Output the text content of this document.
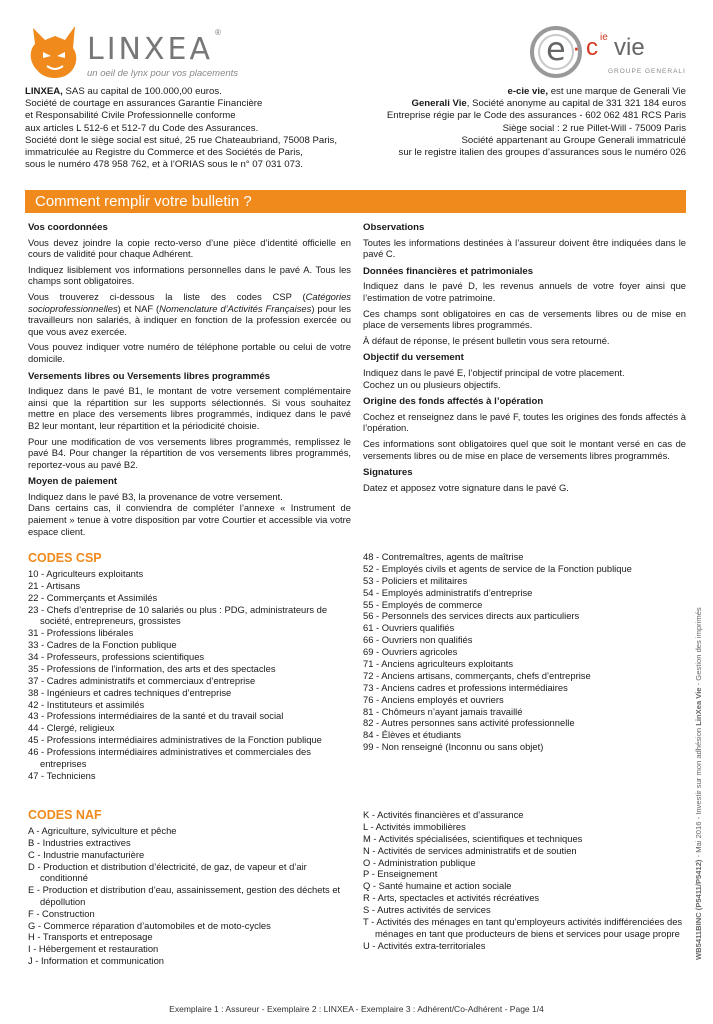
LINXEA ®
un oeil de lynx pour vos placements
e · c ie vie
GROUPE GENERALI

LINXEA, SAS au capital de 100.000,00 euros.

Société de courtage en assurances Garantie Financière

et Responsabilité Civile Professionnelle conforme

aux articles L 512-6 et 512-7 du Code des Assurances.

Société dont le siège social est situé, 25 rue Chateaubriand, 75008 Paris,

immatriculée au Registre du Commerce et des Sociétés de Paris,

sous le numéro 478 958 762, et à l’ORIAS sous le n° 07 031 073.

e-cie vie, est une marque de Generali Vie

Generali Vie, Société anonyme au capital de 331 321 184 euros

Entreprise régie par le Code des assurances - 602 062 481 RCS Paris

Siège social : 2 rue Pillet-Will - 75009 Paris

Société appartenant au Groupe Generali immatriculé

sur le registre italien des groupes d’assurances sous le numéro 026

Comment remplir votre bulletin ?
Vos coordonnées

Vous devez joindre la copie recto-verso d’une pièce d’identité officielle en cours de validité pour chaque Adhérent.

Indiquez lisiblement vos informations personnelles dans le pavé A. Tous les champs sont obligatoires.

Vous trouverez ci-dessous la liste des codes CSP (Catégories socioprofessionnelles) et NAF (Nomenclature d’Activités Françaises) pour les travailleurs non salariés, à indiquer en fonction de la profession exercée ou que vous avez exercée.

Vous pouvez indiquer votre numéro de téléphone portable ou celui de votre domicile.

Versements libres ou Versements libres programmés

Indiquez dans le pavé B1, le montant de votre versement complémentaire ainsi que la répartition sur les supports sélectionnés. Si vous souhaitez mettre en place des versements libres programmés, indiquez dans le pavé B2 leur montant, leur répartition et la périodicité choisie.

Pour une modification de vos versements libres programmés, remplissez le pavé B4. Pour changer la répartition de vos versements libres programmés, reportez-vous au pavé B2.

Moyen de paiement

Indiquez dans le pavé B3, la provenance de votre versement.

Dans certains cas, il conviendra de compléter l’annexe « Instrument de paiement » tenue à votre disposition par votre Courtier et accessible via votre espace client.

Observations

Toutes les informations destinées à l’assureur doivent être indiquées dans le pavé C.

Données financières et patrimoniales

Indiquez dans le pavé D, les revenus annuels de votre foyer ainsi que l’estimation de votre patrimoine.

Ces champs sont obligatoires en cas de versements libres ou de mise en place de versements libres programmés.

À défaut de réponse, le présent bulletin vous sera retourné.

Objectif du versement

Indiquez dans le pavé E, l’objectif principal de votre placement.

Cochez un ou plusieurs objectifs.

Origine des fonds affectés à l’opération

Cochez et renseignez dans le pavé F, toutes les origines des fonds affectés à l’opération.

Ces informations sont obligatoires quel que soit le montant versé en cas de versements libres ou de mise en place de versements libres programmés.

Signatures

Datez et apposez votre signature dans le pavé G.

CODES CSP

10 - Agriculteurs exploitants

21 - Artisans

22 - Commerçants et Assimilés

23 - Chefs d’entreprise de 10 salariés ou plus : PDG, administrateurs de société, entrepreneurs, grossistes

31 - Professions libérales

33 - Cadres de la Fonction publique

34 - Professeurs, professions scientifiques

35 - Professions de l’information, des arts et des spectacles

37 - Cadres administratifs et commerciaux d’entreprise

38 - Ingénieurs et cadres techniques d’entreprise

42 - Instituteurs et assimilés

43 - Professions intermédiaires de la santé et du travail social

44 - Clergé, religieux

45 - Professions intermédiaires administratives de la Fonction publique

46 - Professions intermédiaires administratives et commerciales des entreprises

47 - Techniciens

48 - Contremaîtres, agents de maîtrise

52 - Employés civils et agents de service de la Fonction publique

53 - Policiers et militaires

54 - Employés administratifs d’entreprise

55 - Employés de commerce

56 - Personnels des services directs aux particuliers

61 - Ouvriers qualifiés

66 - Ouvriers non qualifiés

69 - Ouvriers agricoles

71 - Anciens agriculteurs exploitants

72 - Anciens artisans, commerçants, chefs d’entreprise

73 - Anciens cadres et professions intermédiaires

76 - Anciens employés et ouvriers

81 - Chômeurs n’ayant jamais travaillé

82 - Autres personnes sans activité professionnelle

84 - Élèves et étudiants

99 - Non renseigné (Inconnu ou sans objet)

CODES NAF

A - Agriculture, sylviculture et pêche

B - Industries extractives

C - Industrie manufacturière

D - Production et distribution d’électricité, de gaz, de vapeur et d’air conditionné

E - Production et distribution d’eau, assainissement, gestion des déchets et dépollution

F - Construction

G - Commerce réparation d’automobiles et de moto-cycles

H - Transports et entreposage

I - Hébergement et restauration

J - Information et communication

K - Activités financières et d’assurance

L - Activités immobilières

M - Activités spécialisées, scientifiques et techniques

N - Activités de services administratifs et de soutien

O - Administration publique

P - Enseignement

Q - Santé humaine et action sociale

R - Arts, spectacles et activités récréatives

S - Autres activités de services

T - Activités des ménages en tant qu’employeurs activités indifférenciées des ménages en tant que producteurs de biens et services pour usage propre

U - Activités extra-territoriales	WB5411BINC (P5411/P5412) - Mai 2016 - Investir sur mon adhésion LinXea Vie - Gestion des imprimés
Exemplaire 1 : Assureur - Exemplaire 2 : LINXEA - Exemplaire 3 : Adhérent/Co-Adhérent - Page 1/4
